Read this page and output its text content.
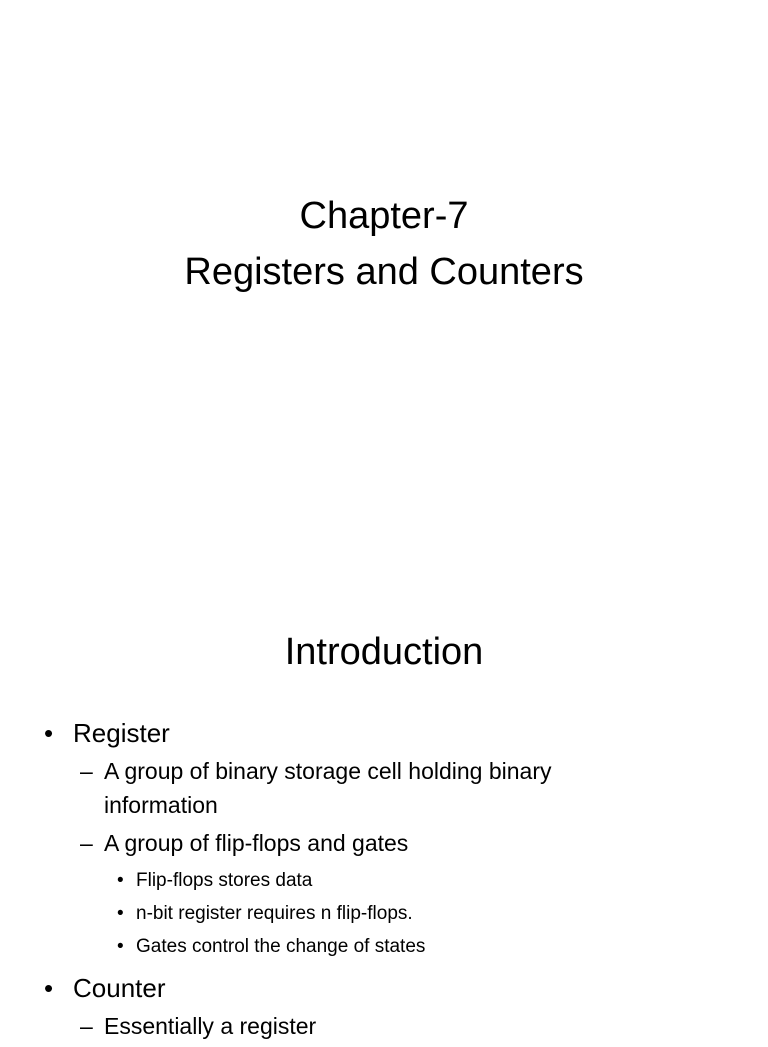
Chapter-7
Registers and Counters
Introduction
• Register
– A group of binary storage cell holding binary information
– A group of flip-flops and gates
• Flip-flops stores data
• n-bit register requires n flip-flops.
• Gates control the change of states
• Counter
– Essentially a register
